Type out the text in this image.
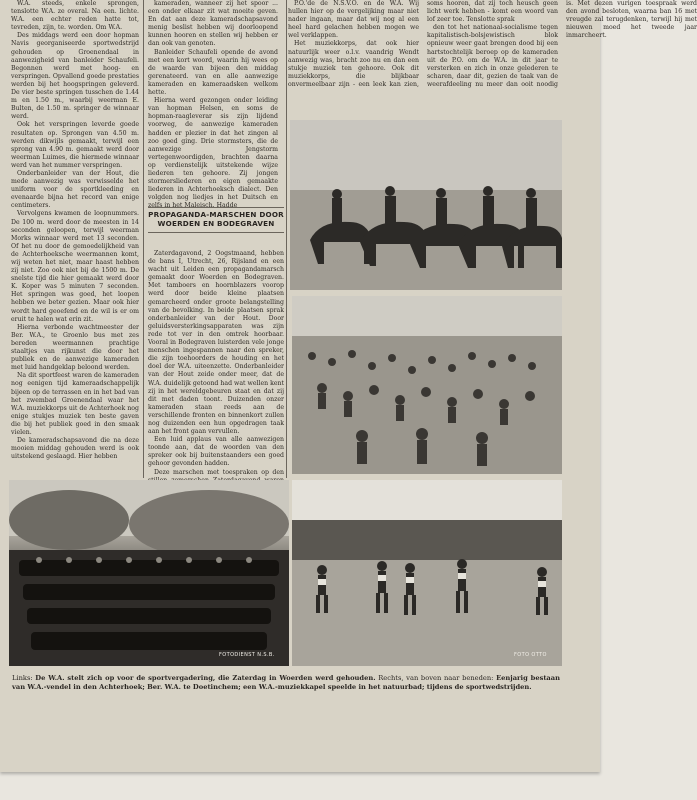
W.A. steeds, enkele sprongen, tenslotte W.A. ze overal. Na een. lichte. W.A. een echter reden hatte tot, tevreden, zijn, te. worden. Om W.A.

Des middags werd een door hopman Navis georganiseerde sportwedstrijd gehouden op Groenendaal in aanwezigheid van banleider Schaufeli. Begonnen werd met hoog- en verspringen. Opvallend goede prestaties werden bij het hoogspringen geleverd. De vier beste springen tusschen de 1.44 m en 1.50 m., waarbij weerman E. Bulten, de 1.50 m. springer de winnaar werd.

Ook het verspringen leverde goede resultaten op. Sprongen van 4.50 m. werden dikwijls gemaakt, terwijl een sprong van 4.90 m. gemaakt werd door weerman Luimes, die hiermede winnaar werd van het nummer verspringen.

Onderbanleider van der Hout, die mede aanwezig was verwisselde het uniform voor de sportkleeding en evenaarde bijna het record van enige centimeters.

Vervolgens kwamen de loopnummers. De 100 m. werd door de meesten in 14 seconden geloopen, terwijl weerman Morks winnaar werd met 13 seconden. Of het nu door de gemoedelijkheid van de Achterhoeksche weermannen komt, wij weten het niet, maar haast hebben zij niet. Zoo ook niet bij de 1500 m. De snelste tijd die hier gemaakt werd door K. Koper was 5 minuten 7 seconden. Het springen was goed, het loopen hebben we beter gezien. Maar ook hier wordt hard geoefend en de wil is er om eruit te halen wat erin zit.

Hierna verbonde wachtmeester der Ber. W.A., te Groenlo bus met zes bereden weermannen prachtige staaltjes van rijkunst die door het publiek en de aanwezige kameraden met luid handgeklap beloond werden.

Na dit sportfeest waren de kameraden nog eenigen tijd kameraadschappelijk bijeen op de terrassen en in het bad van het zwembad Groenendaal waar het W.A. muziekkorps uit de Achterhoek nog enige stukjes muziek ten beste gaven die bij het publiek goed in den smaak vielen.

De kameradschapsavond die na deze mooien middag gehouden werd is ook uitstekend geslaagd. Hier hebben

kameraden, wanneer zij het spoor ... een onder elkaar zit wat moeite geven. En dat aan deze kameradschapsavond menig beslist hebben wij doorloopend kunnen hooren en stellen wij hebben er dan ook van genoten.

Banleider Schaufeli opende de avond met een kort woord, waarin hij wees op de waarde van bijeen den middag gerenateerd. van en alle aanwezige kameraden en kameraadsken welkom hette.

Hierna werd gezongen onder leiding van hopman Helsen, en soms de hopman-raagleverar sis zijn lijdend voorweg, de aanwezige kameraden hadden er plezier in dat het zingen al zoo goed ging. Drie stormsters, die de aanwezige Jengstorm vertegenwoordigden, brachten daarna op verdienstelijk uitstekende wijze liederen ten gehoore. Zij jongen stormersliederen en eigen gemaakte liederen in Achterhoeksch dialect. Den volgden nog liedjes in het Duitsch en zelfs in het Maleisch. Hadde

PROPAGANDA-MARSCHEN DOOR WOERDEN EN BODEGRAVEN

Zaterdagavond, 2 Oogstmaand, hebben de bans I, Utrecht, 26, Rijsland en een wacht uit Leiden een propagandamarsch gemaakt door Woerden en Bodegraven. Met tamboers en hoornblazers voorop werd door beide kleine plaatsen gemarcheerd onder groote belangstelling van de bevolking. In beide plaatsen sprak onderbanleider van der Hout. Door geluidsversterkingsapparaten was zijn rede tot ver in den omtrek hoorbaar. Vooral in Bodegraven luisterden vele jonge menschen ingespannen naar den spreker, die zijn toehoorders de houding en het doel der W.A. uiteenzette. Onderbanleider van der Hout zeide onder meer, dat de W.A. duidelijk getoond had wat wellen kent zij in het wereldgebeuren staat en dat zij dit met daden toont. Duizenden onzer kameraden staan reeds aan de verschillende fronten en binnenkort zullen nog duizenden een hun opgedragen taak aan het front gaan vervullen.

Een luid applaus van alle aanwezigen toonde aan, dat de woorden van den spreker ook bij buitenstaanders een goed gehoor gevonden hadden.

Deze marschen met toespraken op den

P.O.'de de N.S.V.O. en de W.A. Wij hullen hier op de vergelijking maar niet nader ingaan, maar dat wij nog al een heel hard gelachen hebben mogen we wel verklappen.

Het muziekkorps, dat ook hier natuurlijk weer o.l.v. vaandrig Wendt aanwezig was, bracht zoo nu en dan een stukje muziek ten gehoore. Ook dit muziekkorps, die blijkbaar onvermeelbaar zijn - een leek kan zien, soms hooren, dat zij toch heusch geen licht werk hebben - komt een woord van lof zeer toe. Tenslotte sprak

den tot het nationaal-socialisme tegen kapitalistisch-bolsjewistisch blok opnieuw weer gaat brengen dood bij een hartstochtelijk beroep op de kameraden uit de P.O. om de W.A. in dit jaar te versterken en zich in onze gelederen te scharen, daar dit, gezien de taak van de weerafdeeling nu meer dan ooit noodig is. Met dezen vurigen toespraak werd den avond besloten, waarna ban 16 met vreugde zal terugdenken, terwijl hij met nieuwen moed het tweede jaar inmarcheert.

FOTODIENST N.S.B.	FOTO OTTO
Links: De W.A. stelt zich op voor de sportvergadering, die Zaterdag in Woerden werd gehouden. Rechts, van boven naar beneden: Eenjarig bestaan van W.A.-vendel in den Achterhoek; Ber. W.A. te Doetinchem; een W.A.-muziekkapel speelde in het natuurbad; tijdens de sportwedstrijden.
